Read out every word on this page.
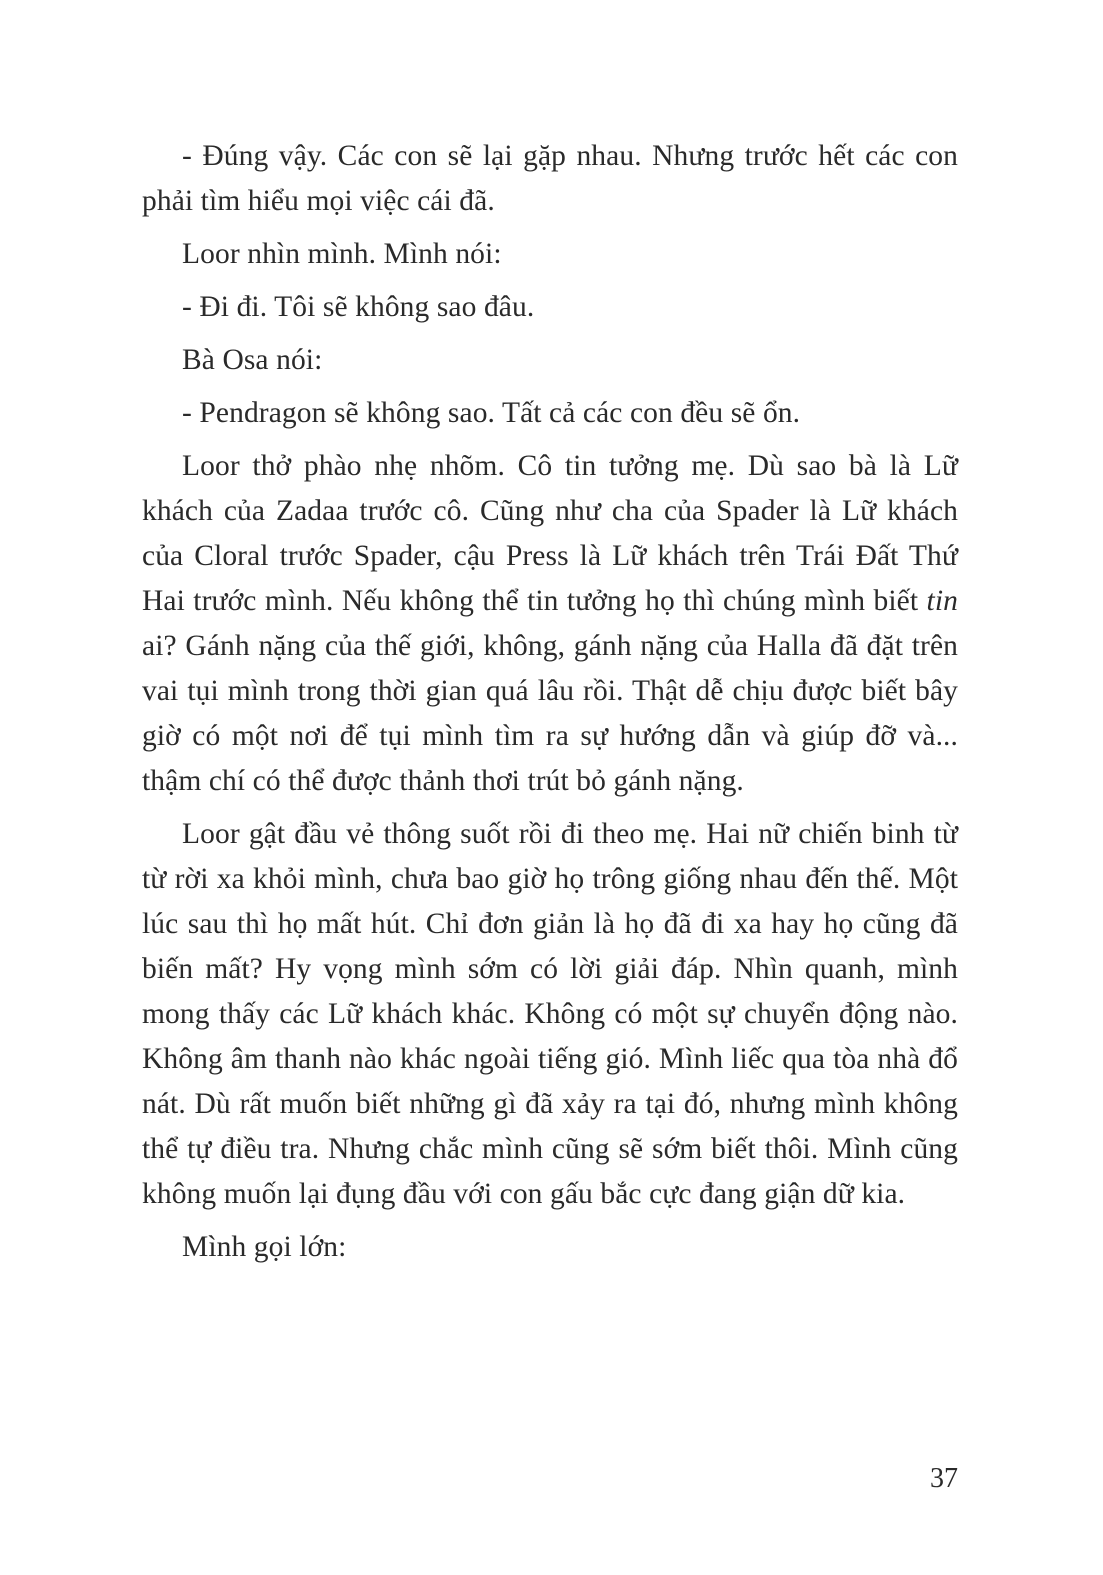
- Đúng vậy. Các con sẽ lại gặp nhau. Nhưng trước hết các con phải tìm hiểu mọi việc cái đã.

Loor nhìn mình. Mình nói:

- Đi đi. Tôi sẽ không sao đâu.

Bà Osa nói:

- Pendragon sẽ không sao. Tất cả các con đều sẽ ổn.

Loor thở phào nhẹ nhõm. Cô tin tưởng mẹ. Dù sao bà là Lữ khách của Zadaa trước cô. Cũng như cha của Spader là Lữ khách của Cloral trước Spader, cậu Press là Lữ khách trên Trái Đất Thứ Hai trước mình. Nếu không thể tin tưởng họ thì chúng mình biết tin ai? Gánh nặng của thế giới, không, gánh nặng của Halla đã đặt trên vai tụi mình trong thời gian quá lâu rồi. Thật dễ chịu được biết bây giờ có một nơi để tụi mình tìm ra sự hướng dẫn và giúp đỡ và... thậm chí có thể được thảnh thơi trút bỏ gánh nặng.

Loor gật đầu vẻ thông suốt rồi đi theo mẹ. Hai nữ chiến binh từ từ rời xa khỏi mình, chưa bao giờ họ trông giống nhau đến thế. Một lúc sau thì họ mất hút. Chỉ đơn giản là họ đã đi xa hay họ cũng đã biến mất? Hy vọng mình sớm có lời giải đáp. Nhìn quanh, mình mong thấy các Lữ khách khác. Không có một sự chuyển động nào. Không âm thanh nào khác ngoài tiếng gió. Mình liếc qua tòa nhà đổ nát. Dù rất muốn biết những gì đã xảy ra tại đó, nhưng mình không thể tự điều tra. Nhưng chắc mình cũng sẽ sớm biết thôi. Mình cũng không muốn lại đụng đầu với con gấu bắc cực đang giận dữ kia.

Mình gọi lớn:

37
